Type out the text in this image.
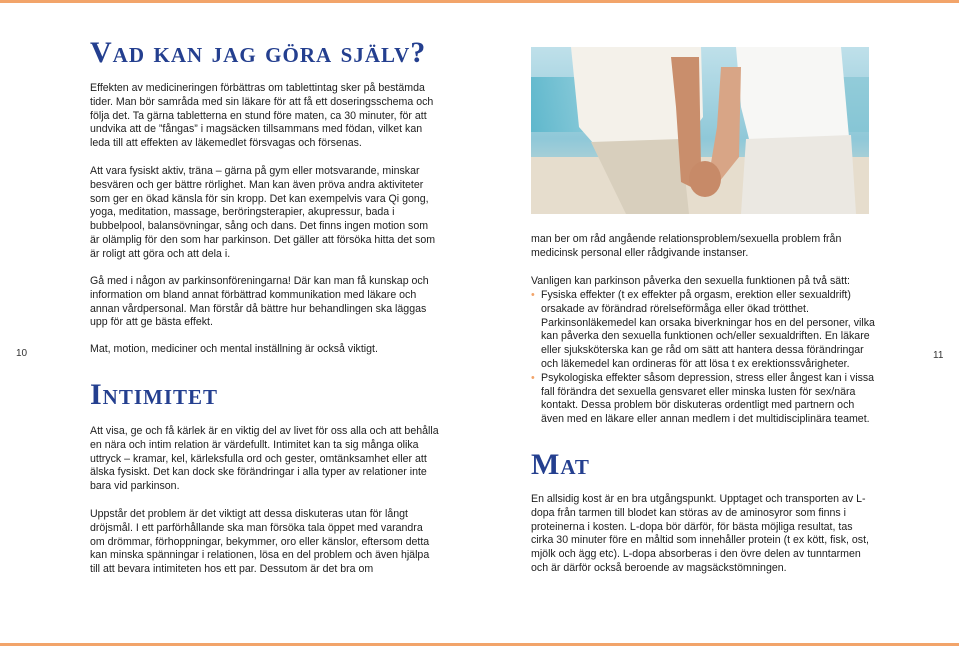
Vad kan jag göra själv?

Effekten av medicineringen förbättras om tablettintag sker på bestämda tider. Man bör samråda med sin läkare för att få ett doseringsschema och följa det. Ta gärna tabletterna en stund före maten, ca 30 minuter, för att undvika att de ”fångas” i magsäcken tillsammans med födan, vilket kan leda till att effekten av läkemedlet försvagas och försenas.

Att vara fysiskt aktiv, träna – gärna på gym eller motsvarande, minskar besvären och ger bättre rörlighet. Man kan även pröva andra aktiviteter som ger en ökad känsla för sin kropp. Det kan exempelvis vara Qi gong, yoga, meditation, massage, beröringsterapier, akupressur, bada i bubbelpool, balansövningar, sång och dans. Det finns ingen motion som är olämplig för den som har parkinson. Det gäller att försöka hitta det som är roligt att göra och att dela i.

Gå med i någon av parkinsonföreningarna! Där kan man få kunskap och information om bland annat förbättrad kommunikation med läkare och annan vårdpersonal. Man förstår då bättre hur behandlingen ska läggas upp för att ge bästa effekt.

Mat, motion, mediciner och mental inställning är också viktigt.

Intimitet

Att visa, ge och få kärlek är en viktig del av livet för oss alla och att behålla en nära och intim relation är värdefullt. Intimitet kan ta sig många olika uttryck – kramar, kel, kärleksfulla ord och gester, omtänksamhet eller att älska fysiskt. Det kan dock ske förändringar i alla typer av relationer inte bara vid parkinson.

Uppstår det problem är det viktigt att dessa diskuteras utan för långt dröjsmål. I ett parförhållande ska man försöka tala öppet med varandra om drömmar, förhoppningar, bekymmer, oro eller känslor, eftersom detta kan minska spänningar i relationen, lösa en del problem och även hjälpa till att bevara intimiteten hos ett par. Dessutom är det bra om

10

man ber om råd angående relationsproblem/sexuella problem från medicinsk personal eller rådgivande instanser.

Vanligen kan parkinson påverka den sexuella funktionen på två sätt:

• Fysiska effekter (t ex effekter på orgasm, erektion eller sexualdrift) orsakade av förändrad rörelseförmåga eller ökad trötthet. Parkinsonläkemedel kan orsaka biverkningar hos en del personer, vilka kan påverka den sexuella funktionen och/eller sexualdriften. En läkare eller sjuksköterska kan ge råd om sätt att hantera dessa förändringar och läkemedel kan ordineras för att lösa t ex erektionssvårigheter.
• Psykologiska effekter såsom depression, stress eller ångest kan i vissa fall förändra det sexuella gensvaret eller minska lusten för sex/nära kontakt. Dessa problem bör diskuteras ordentligt med partnern och även med en läkare eller annan medlem i det multidisciplinära teamet.
Mat

En allsidig kost är en bra utgångspunkt. Upptaget och transporten av L-dopa från tarmen till blodet kan störas av de aminosyror som finns i proteinerna i kosten. L-dopa bör därför, för bästa möjliga resultat, tas cirka 30 minuter före en måltid som innehåller protein (t ex kött, fisk, ost, mjölk och ägg etc). L-dopa absorberas i den övre delen av tunntarmen och är därför också beroende av magsäckstömningen.

11
